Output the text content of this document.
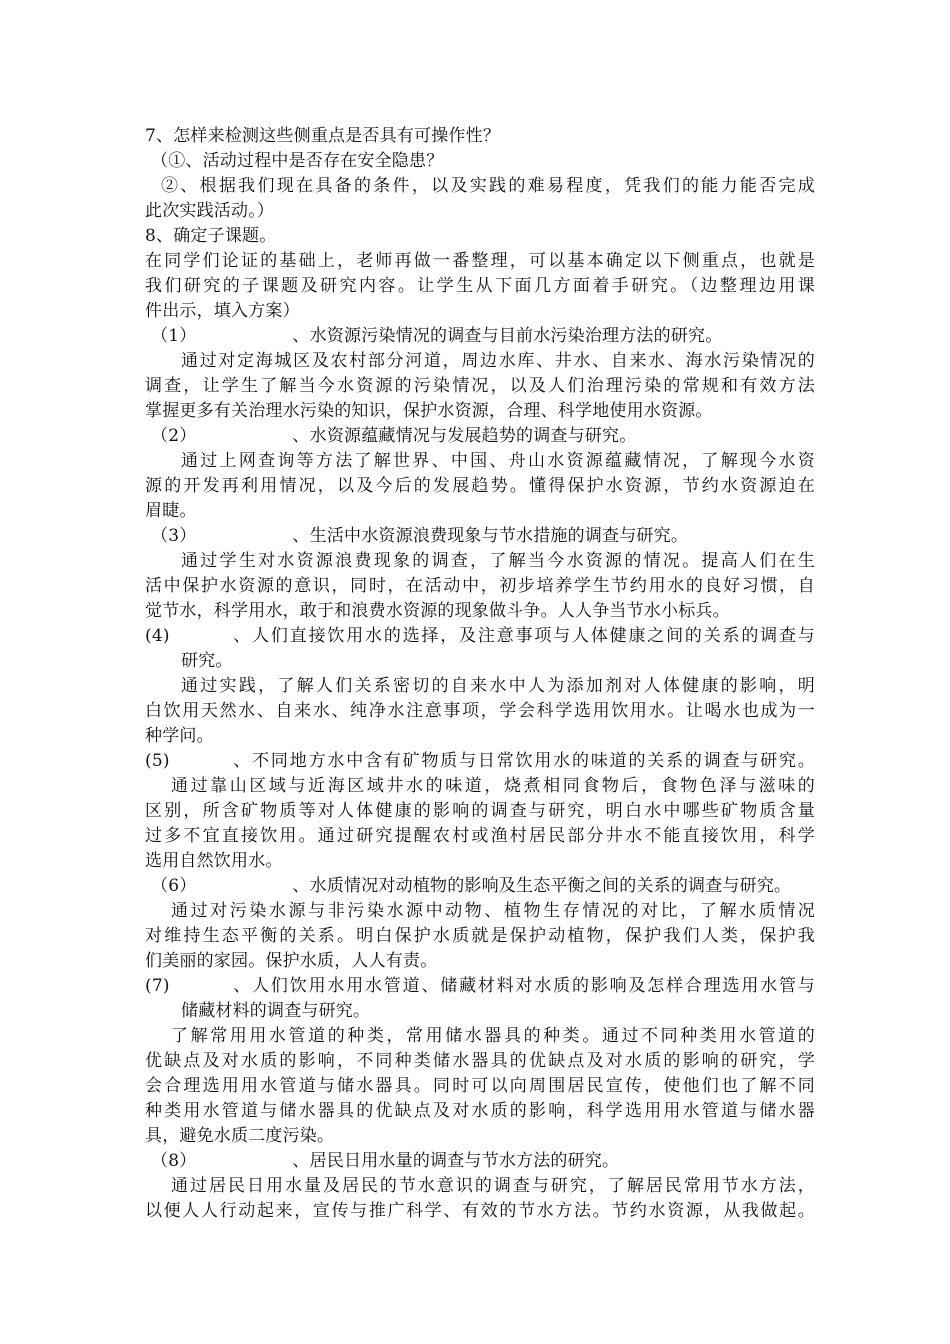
7、怎样来检测这些侧重点是否具有可操作性？
（①、活动过程中是否存在安全隐患？
②、根据我们现在具备的条件，以及实践的难易程度，凭我们的能力能否完成
此次实践活动。）
8、确定子课题。
在同学们论证的基础上，老师再做一番整理，可以基本确定以下侧重点，也就是
我们研究的子课题及研究内容。让学生从下面几方面着手研究。（边整理边用课
件出示，填入方案）
（1）	、水资源污染情况的调查与目前水污染治理方法的研究。
通过对定海城区及农村部分河道，周边水库、井水、自来水、海水污染情况的
调查，让学生了解当今水资源的污染情况，以及人们治理污染的常规和有效方法
掌握更多有关治理水污染的知识，保护水资源，合理、科学地使用水资源。
（2）	、水资源蕴藏情况与发展趋势的调查与研究。
通过上网查询等方法了解世界、中国、舟山水资源蕴藏情况，了解现今水资
源的开发再利用情况，以及今后的发展趋势。懂得保护水资源，节约水资源迫在
眉睫。
（3）	、生活中水资源浪费现象与节水措施的调查与研究。
通过学生对水资源浪费现象的调查，了解当今水资源的情况。提高人们在生
活中保护水资源的意识，同时，在活动中，初步培养学生节约用水的良好习惯，自
觉节水，科学用水，敢于和浪费水资源的现象做斗争。人人争当节水小标兵。
(4)	、人们直接饮用水的选择，及注意事项与人体健康之间的关系的调查与
研究。
通过实践，了解人们关系密切的自来水中人为添加剂对人体健康的影响，明
白饮用天然水、自来水、纯净水注意事项，学会科学选用饮用水。让喝水也成为一
种学问。
(5)	、不同地方水中含有矿物质与日常饮用水的味道的关系的调查与研究。
通过靠山区域与近海区域井水的味道，烧煮相同食物后，食物色泽与滋味的
区别，所含矿物质等对人体健康的影响的调查与研究，明白水中哪些矿物质含量
过多不宜直接饮用。通过研究提醒农村或渔村居民部分井水不能直接饮用，科学
选用自然饮用水。
（6）	、水质情况对动植物的影响及生态平衡之间的关系的调查与研究。
通过对污染水源与非污染水源中动物、植物生存情况的对比，了解水质情况
对维持生态平衡的关系。明白保护水质就是保护动植物，保护我们人类，保护我
们美丽的家园。保护水质，人人有责。
(7)	、人们饮用水用水管道、储藏材料对水质的影响及怎样合理选用水管与
储藏材料的调查与研究。
了解常用用水管道的种类，常用储水器具的种类。通过不同种类用水管道的
优缺点及对水质的影响，不同种类储水器具的优缺点及对水质的影响的研究，学
会合理选用用水管道与储水器具。同时可以向周围居民宣传，使他们也了解不同
种类用水管道与储水器具的优缺点及对水质的影响，科学选用用水管道与储水器
具，避免水质二度污染。
（8）	、居民日用水量的调查与节水方法的研究。
通过居民日用水量及居民的节水意识的调查与研究，了解居民常用节水方法，
以便人人行动起来，宣传与推广科学、有效的节水方法。节约水资源，从我做起。
